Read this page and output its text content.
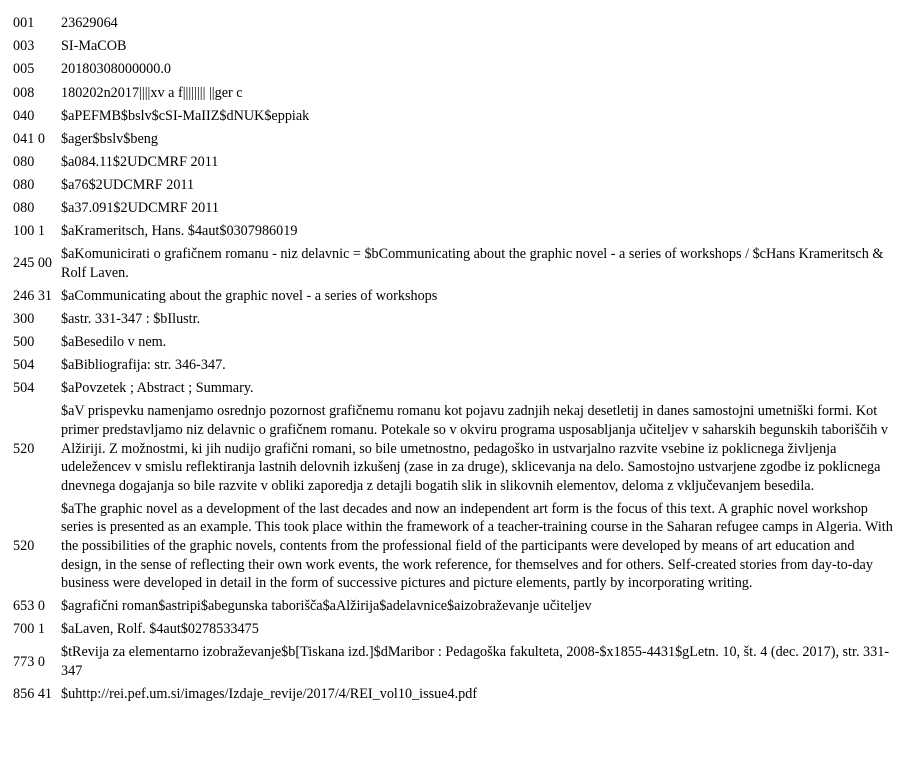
001	23629064
003	SI-MaCOB
005	20180308000000.0
008	180202n2017||||xv a f|||||||| ||ger c
040	$aPEFMB$bslv$cSI-MaIIZ$dNUK$eppiak
041 0	$ager$bslv$beng
080	$a084.11$2UDCMRF 2011
080	$a76$2UDCMRF 2011
080	$a37.091$2UDCMRF 2011
100 1	$aKrameritsch, Hans. $4aut$0307986019
245 00	$aKomunicirati o grafičnem romanu - niz delavnic = $bCommunicating about the graphic novel - a series of workshops / $cHans Krameritsch & Rolf Laven.
246 31	$aCommunicating about the graphic novel - a series of workshops
300	$astr. 331-347 : $bIlustr.
500	$aBesedilo v nem.
504	$aBibliografija: str. 346-347.
504	$aPovzetek ; Abstract ; Summary.
520	$aV prispevku namenjamo osrednjo pozornost grafičnemu romanu kot pojavu zadnjih nekaj desetletij in danes samostojni umetniški formi. Kot primer predstavljamo niz delavnic o grafičnem romanu. Potekale so v okviru programa usposabljanja učiteljev v saharskih begunskih taboriščih v Alžiriji. Z možnostmi, ki jih nudijo grafični romani, so bile umetnostno, pedagoško in ustvarjalno razvite vsebine iz poklicnega življenja udeležencev v smislu reflektiranja lastnih delovnih izkušenj (zase in za druge), sklicevanja na delo. Samostojno ustvarjene zgodbe iz poklicnega dnevnega dogajanja so bile razvite v obliki zaporedja z detajli bogatih slik in slikovnih elementov, deloma z vključevanjem besedila.
520	$aThe graphic novel as a development of the last decades and now an independent art form is the focus of this text. A graphic novel workshop series is presented as an example. This took place within the framework of a teacher-training course in the Saharan refugee camps in Algeria. With the possibilities of the graphic novels, contents from the professional field of the participants were developed by means of art education and design, in the sense of reflecting their own work events, the work reference, for themselves and for others. Self-created stories from day-to-day business were developed in detail in the form of successive pictures and picture elements, partly by incorporating writing.
653 0	$agrafični roman$astripi$abegunska taborišča$aAlžirija$adelavnice$aizobraževanje učiteljev
700 1	$aLaven, Rolf. $4aut$0278533475
773 0	$tRevija za elementarno izobraževanje$b[Tiskana izd.]$dMaribor : Pedagoška fakulteta, 2008-$x1855-4431$gLetn. 10, št. 4 (dec. 2017), str. 331-347
856 41	$uhttp://rei.pef.um.si/images/Izdaje_revije/2017/4/REI_vol10_issue4.pdf
